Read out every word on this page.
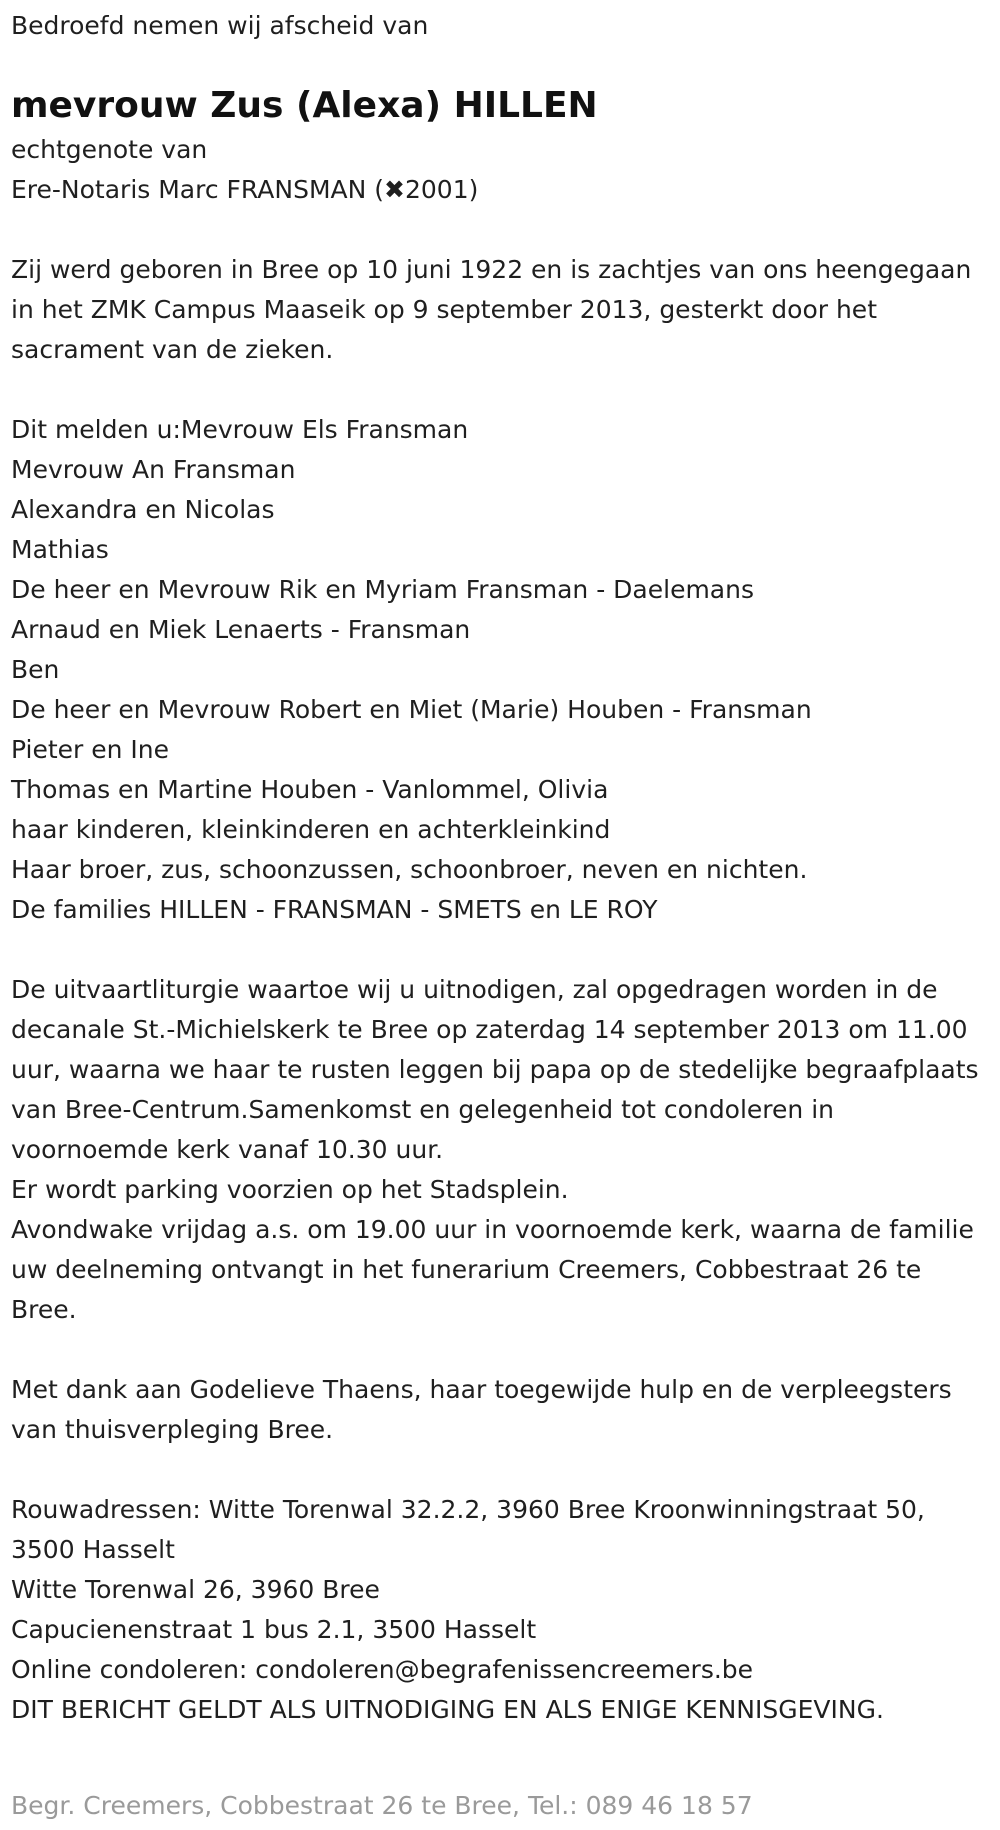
Bedroefd nemen wij afscheid van

mevrouw Zus (Alexa) HILLEN

echtgenote van

Ere-Notaris Marc FRANSMAN (✖2001)

Zij werd geboren in Bree op 10 juni 1922 en is zachtjes van ons heengegaan in het ZMK Campus Maaseik op 9 september 2013, gesterkt door het sacrament van de zieken.

Dit melden u:Mevrouw Els Fransman

Mevrouw An Fransman

Alexandra en Nicolas

Mathias

De heer en Mevrouw Rik en Myriam Fransman - Daelemans

Arnaud en Miek Lenaerts - Fransman

Ben

De heer en Mevrouw Robert en Miet (Marie) Houben - Fransman

Pieter en Ine

Thomas en Martine Houben - Vanlommel, Olivia

haar kinderen, kleinkinderen en achterkleinkind

Haar broer, zus, schoonzussen, schoonbroer, neven en nichten.

De families HILLEN - FRANSMAN - SMETS en LE ROY

De uitvaartliturgie waartoe wij u uitnodigen, zal opgedragen worden in de decanale St.-Michielskerk te Bree op zaterdag 14 september 2013 om 11.00 uur, waarna we haar te rusten leggen bij papa op de stedelijke begraafplaats van Bree-Centrum.Samenkomst en gelegenheid tot condoleren in voornoemde kerk vanaf 10.30 uur.

Er wordt parking voorzien op het Stadsplein.

Avondwake vrijdag a.s. om 19.00 uur in voornoemde kerk, waarna de familie uw deelneming ontvangt in het funerarium Creemers, Cobbestraat 26 te Bree.

Met dank aan Godelieve Thaens, haar toegewijde hulp en de verpleegsters van thuisverpleging Bree.

Rouwadressen: Witte Torenwal 32.2.2, 3960 Bree Kroonwinningstraat 50, 3500 Hasselt

Witte Torenwal 26, 3960 Bree

Capucienenstraat 1 bus 2.1, 3500 Hasselt

Online condoleren: condoleren@begrafenissencreemers.be

DIT BERICHT GELDT ALS UITNODIGING EN ALS ENIGE KENNISGEVING.

Begr. Creemers, Cobbestraat 26 te Bree, Tel.: 089 46 18 57
